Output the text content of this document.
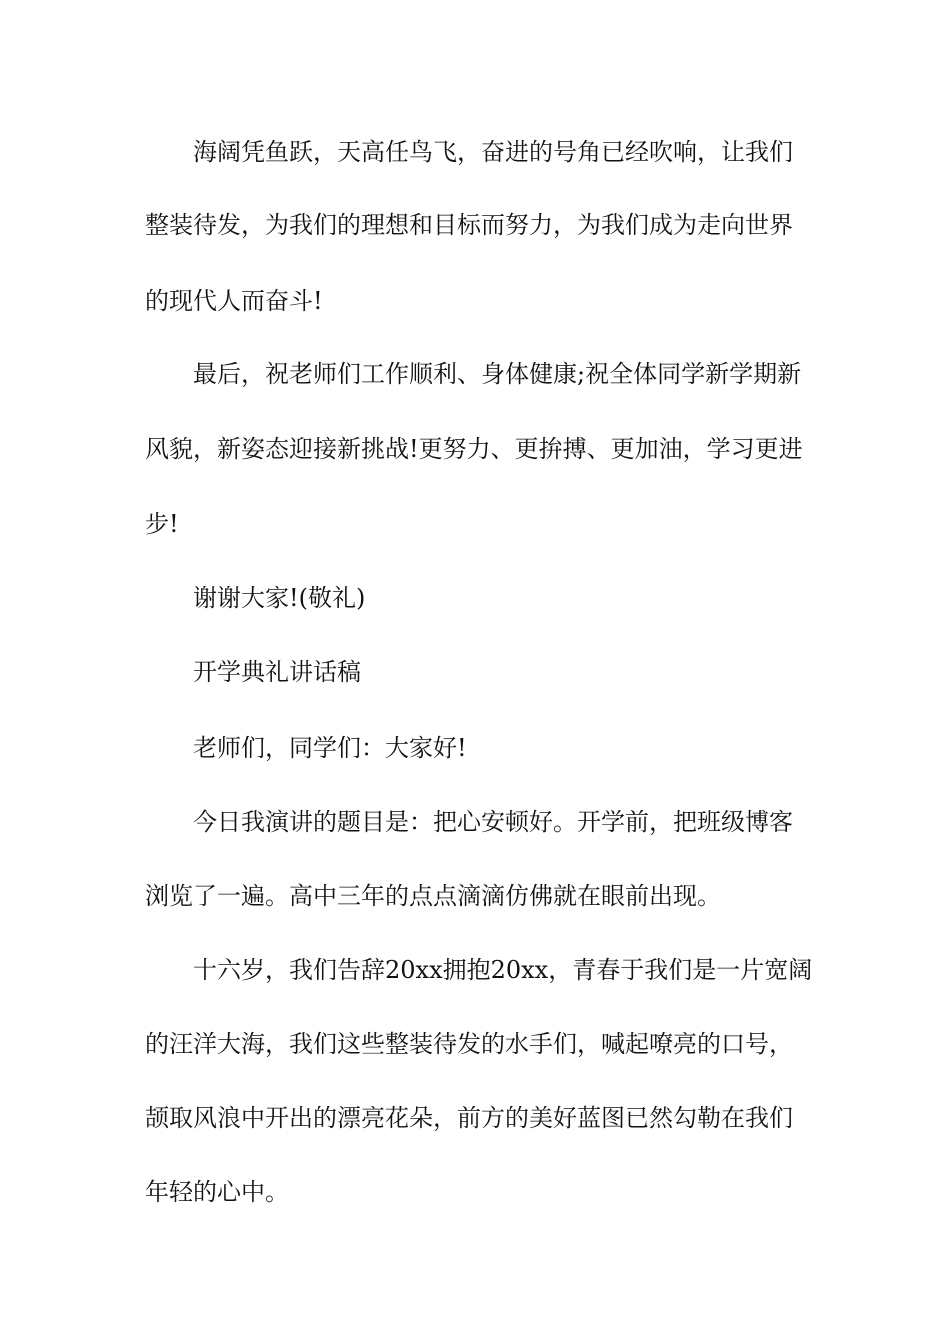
海阔凭鱼跃，天高任鸟飞，奋进的号角已经吹响，让我们
整装待发，为我们的理想和目标而努力，为我们成为走向世界
的现代人而奋斗!
最后，祝老师们工作顺利、身体健康;祝全体同学新学期新
风貌，新姿态迎接新挑战!更努力、更拚搏、更加油，学习更进
步!
谢谢大家!(敬礼)
开学典礼讲话稿
老师们，同学们：大家好!
今日我演讲的题目是：把心安顿好。开学前，把班级博客
浏览了一遍。高中三年的点点滴滴仿佛就在眼前出现。
十六岁，我们告辞20xx拥抱20xx，青春于我们是一片宽阔
的汪洋大海，我们这些整装待发的水手们，喊起嘹亮的口号，
颉取风浪中开出的漂亮花朵，前方的美好蓝图已然勾勒在我们
年轻的心中。
